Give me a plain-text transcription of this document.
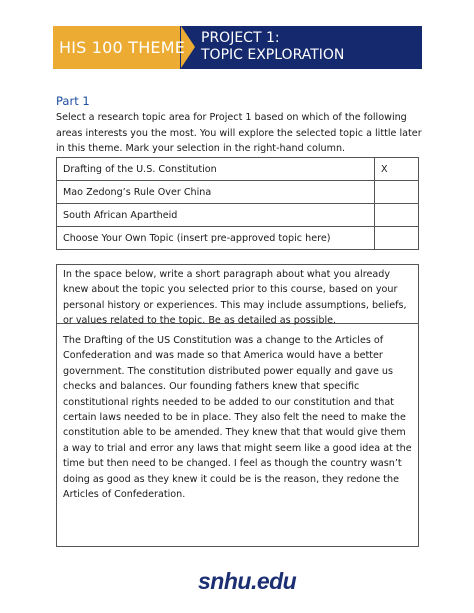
HIS 100 THEME PROJECT 1:
TOPIC EXPLORATION
Part 1
Select a research topic area for Project 1 based on which of the following areas interests you the most. You will explore the selected topic a little later in this theme. Mark your selection in the right-hand column.
Drafting of the U.S. Constitution	X
Mao Zedong’s Rule Over China	
South African Apartheid	
Choose Your Own Topic (insert pre-approved topic here)	
In the space below, write a short paragraph about what you already knew about the topic you selected prior to this course, based on your personal history or experiences. This may include assumptions, beliefs, or values related to the topic. Be as detailed as possible.
The Drafting of the US Constitution was a change to the Articles of Confederation and was made so that America would have a better government. The constitution distributed power equally and gave us checks and balances. Our founding fathers knew that specific constitutional rights needed to be added to our constitution and that certain laws needed to be in place. They also felt the need to make the constitution able to be amended. They knew that that would give them a way to trial and error any laws that might seem like a good idea at the time but then need to be changed. I feel as though the country wasn’t doing as good as they knew it could be is the reason, they redone the Articles of Confederation.
snhu.edu
